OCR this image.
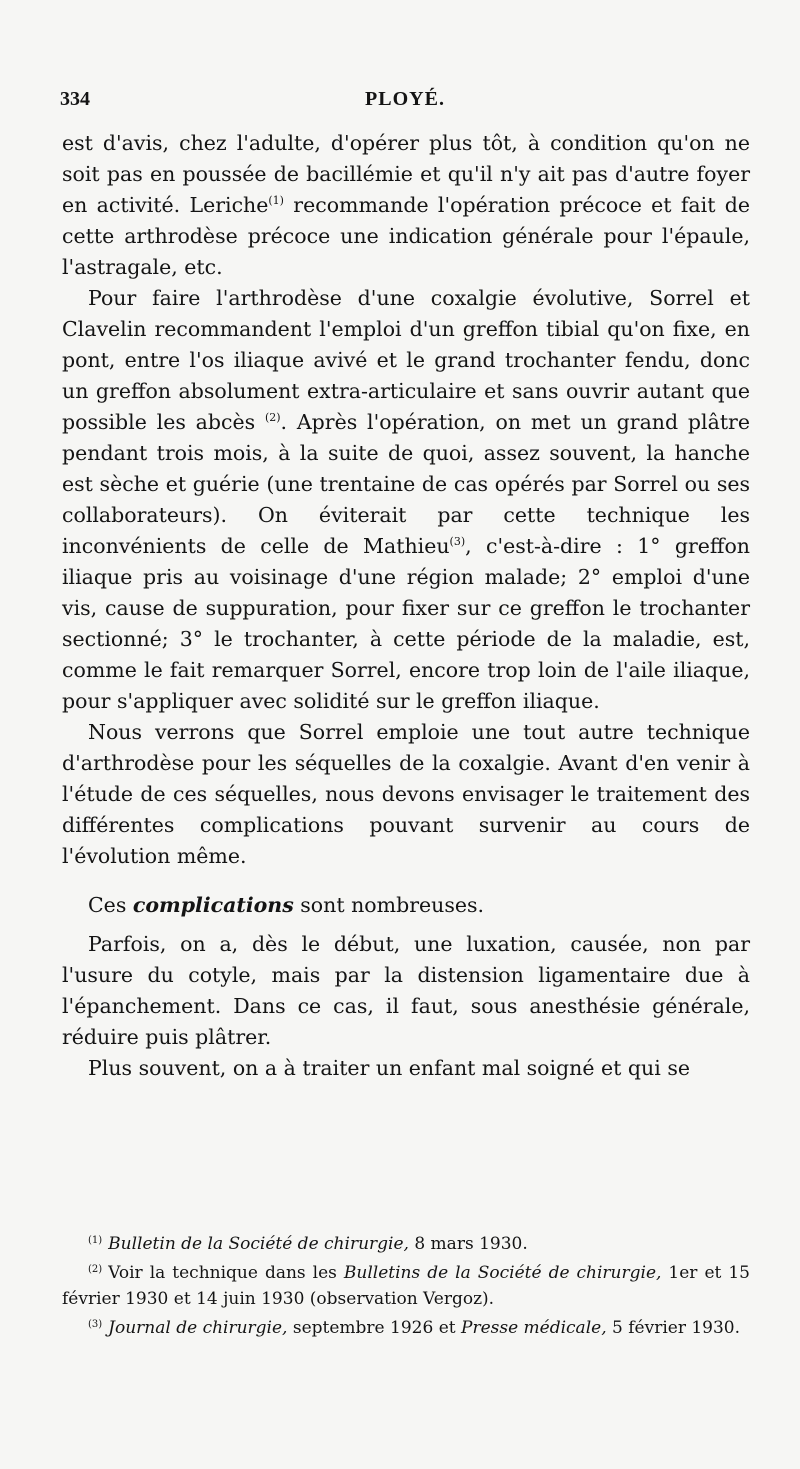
334	PLOYÉ.

est d'avis, chez l'adulte, d'opérer plus tôt, à condition qu'on ne soit pas en poussée de bacillémie et qu'il n'y ait pas d'autre foyer en activité. Leriche$^{(1)}$ recommande l'opération précoce et fait de cette arthrodèse précoce une indication générale pour l'épaule, l'astragale, etc.

Pour faire l'arthrodèse d'une coxalgie évolutive, Sorrel et Clavelin recommandent l'emploi d'un greffon tibial qu'on fixe, en pont, entre l'os iliaque avivé et le grand trochanter fendu, donc un greffon absolument extra-articulaire et sans ouvrir autant que possible les abcès $^{(2)}$. Après l'opération, on met un grand plâtre pendant trois mois, à la suite de quoi, assez souvent, la hanche est sèche et guérie (une trentaine de cas opérés par Sorrel ou ses collaborateurs). On éviterait par cette technique les inconvénients de celle de Mathieu$^{(3)}$, c'est-à-dire : 1° greffon iliaque pris au voisinage d'une région malade; 2° emploi d'une vis, cause de suppuration, pour fixer sur ce greffon le trochanter sectionné; 3° le trochanter, à cette période de la maladie, est, comme le fait remarquer Sorrel, encore trop loin de l'aile iliaque, pour s'appliquer avec solidité sur le greffon iliaque.

Nous verrons que Sorrel emploie une tout autre technique d'arthrodèse pour les séquelles de la coxalgie. Avant d'en venir à l'étude de ces séquelles, nous devons envisager le traitement des différentes complications pouvant survenir au cours de l'évolution même.

Ces complications sont nombreuses.

Parfois, on a, dès le début, une luxation, causée, non par l'usure du cotyle, mais par la distension ligamentaire due à l'épanchement. Dans ce cas, il faut, sous anesthésie générale, réduire puis plâtrer.

Plus souvent, on a à traiter un enfant mal soigné et qui se

$^{(1)}$ Bulletin de la Société de chirurgie, 8 mars 1930.

$^{(2)}$ Voir la technique dans les Bulletins de la Société de chirurgie, 1er et 15 février 1930 et 14 juin 1930 (observation Vergoz).

$^{(3)}$ Journal de chirurgie, septembre 1926 et Presse médicale, 5 février 1930.
